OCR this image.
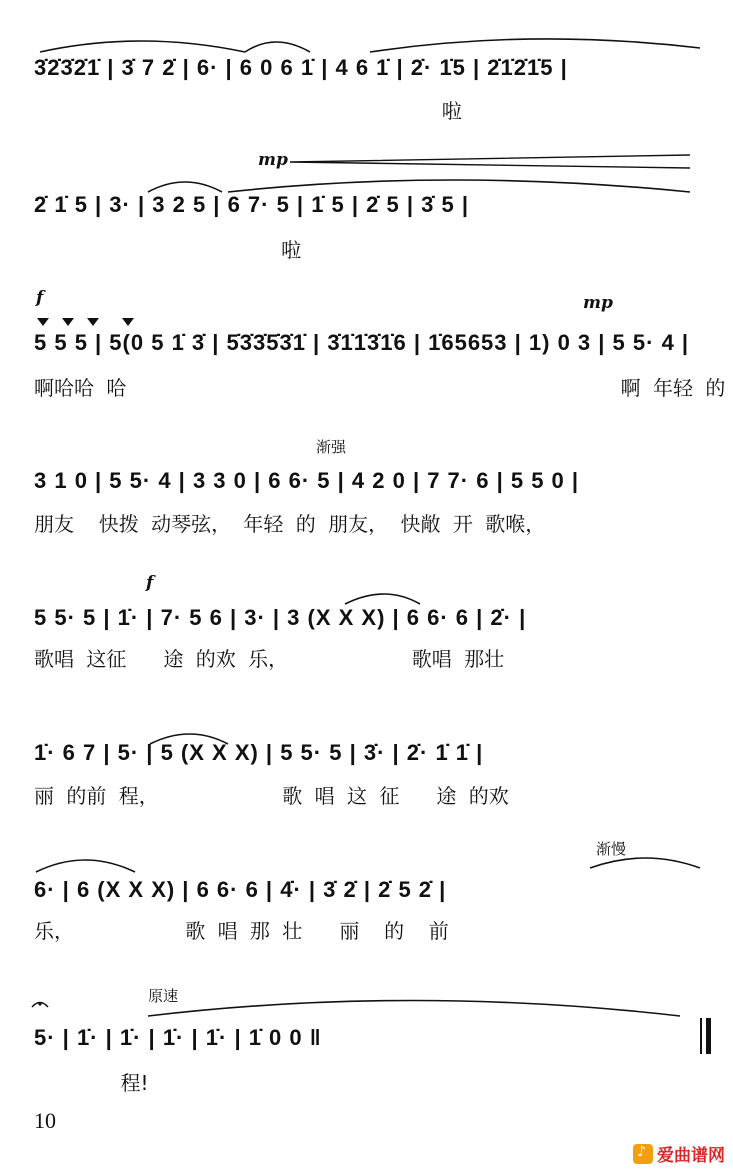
mp
f	mp
渐强
f
渐慢
原速
3̇2̇3̇2̇1̇ | 3̇ 7 2̇ | 6· | 6 0 6 1̇ | 4 6 1̇ | 2̇· 1̇5 | 2̇1̇2̇1̇5 |
啦
2̇ 1̇ 5 | 3· | 3 2 5 | 6 7· 5 | 1̇ 5 | 2̇ 5 | 3̇ 5 |
啦
5 5 5 | 5(0 5 1̇ 3̇ | 5̇3̇3̇5̇3̇1̇ | 3̇1̇1̇3̇1̇6 | 1̇65653 | 1) 0 3 | 5 5· 4 |
啊哈哈 哈                                        啊 年轻 的
3 1 0 | 5 5· 4 | 3 3 0 | 6 6· 5 | 4 2 0 | 7 7· 6 | 5 5 0 |
朋友  快拨 动琴弦， 年轻 的 朋友， 快敞 开 歌喉，
5 5· 5 | 1̇· | 7· 5 6 | 3· | 3 (X X X) | 6 6· 6 | 2̇· |
歌唱 这征   途 的欢 乐，          歌唱 那壮
1̇· 6 7 | 5· | 5 (X X X) | 5 5· 5 | 3̇· | 2̇· 1̇ 1̇ |
丽 的前 程，          歌 唱 这 征   途 的欢
6· | 6 (X X X) | 6 6· 6 | 4̇· | 3̇ 2̇ | 2̇ 5 2̇ |
乐，         歌 唱 那 壮   丽  的  前
5· | 1̇· | 1̇· | 1̇· | 1̇· | 1̇ 0 0 ‖
程!
10
♪
爱曲谱网
